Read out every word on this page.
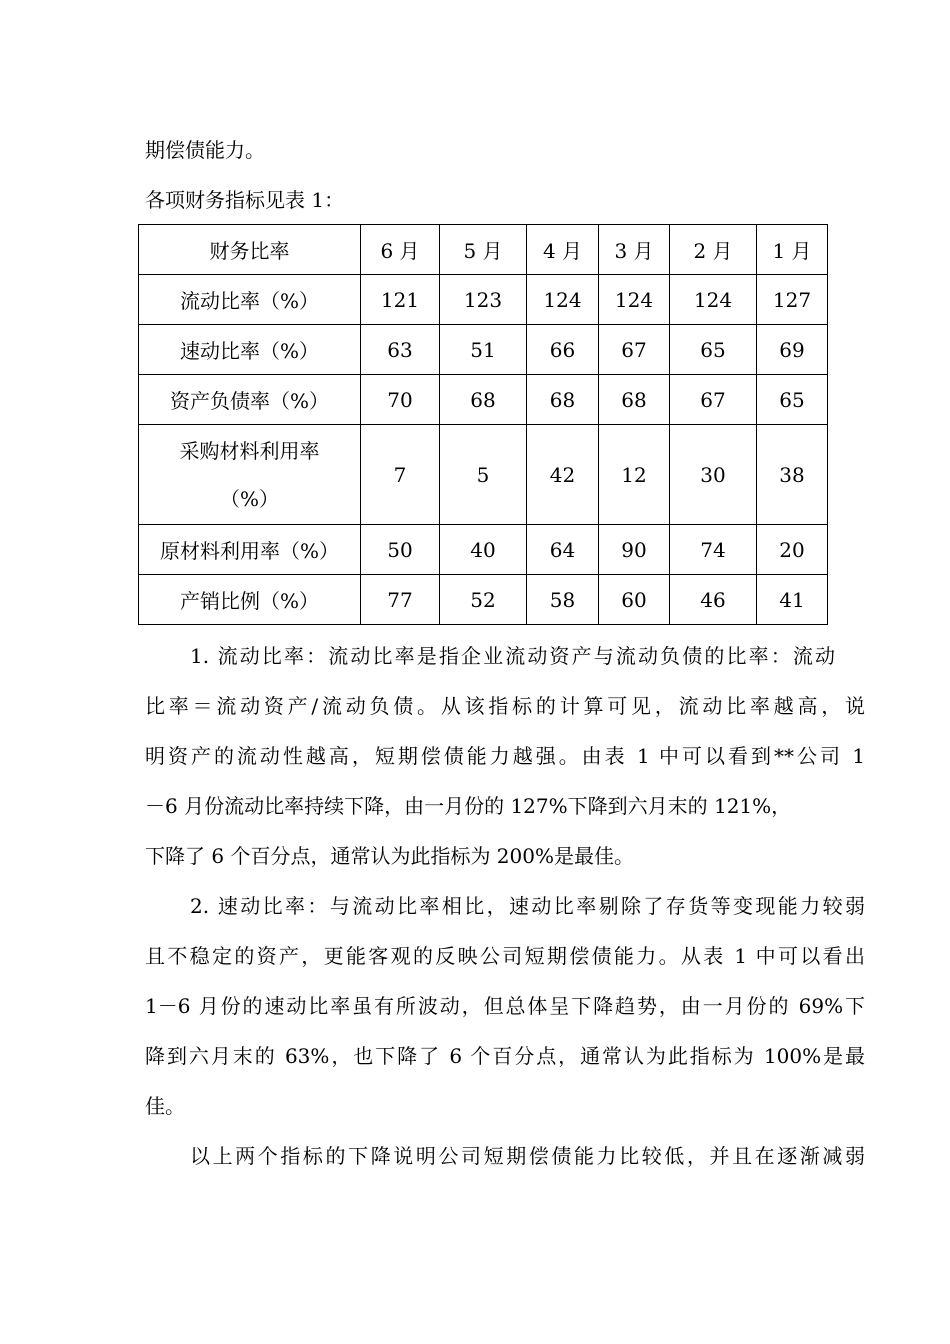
期偿债能力。
各项财务指标见表 1：
财务比率	6 月	5 月	4 月	3 月	2 月	1 月
流动比率（%）	121	123	124	124	124	127
速动比率（%）	63	51	66	67	65	69
资产负债率（%）	70	68	68	68	67	65
采购材料利用率
（%）	7	5	42	12	30	38
原材料利用率（%）	50	40	64	90	74	20
产销比例（%）	77	52	58	60	46	41
1. 流动比率：流动比率是指企业流动资产与流动负债的比率：流动
比率＝流动资产/流动负债。从该指标的计算可见，流动比率越高，说
明资产的流动性越高，短期偿债能力越强。由表 1 中可以看到**公司 1
－6 月份流动比率持续下降，由一月份的 127%下降到六月末的 121%，
下降了 6 个百分点，通常认为此指标为 200%是最佳。
2. 速动比率：与流动比率相比，速动比率剔除了存货等变现能力较弱
且不稳定的资产，更能客观的反映公司短期偿债能力。从表 1 中可以看出
1－6 月份的速动比率虽有所波动，但总体呈下降趋势，由一月份的 69%下
降到六月末的 63%，也下降了 6 个百分点，通常认为此指标为 100%是最
佳。
以上两个指标的下降说明公司短期偿债能力比较低，并且在逐渐减弱
